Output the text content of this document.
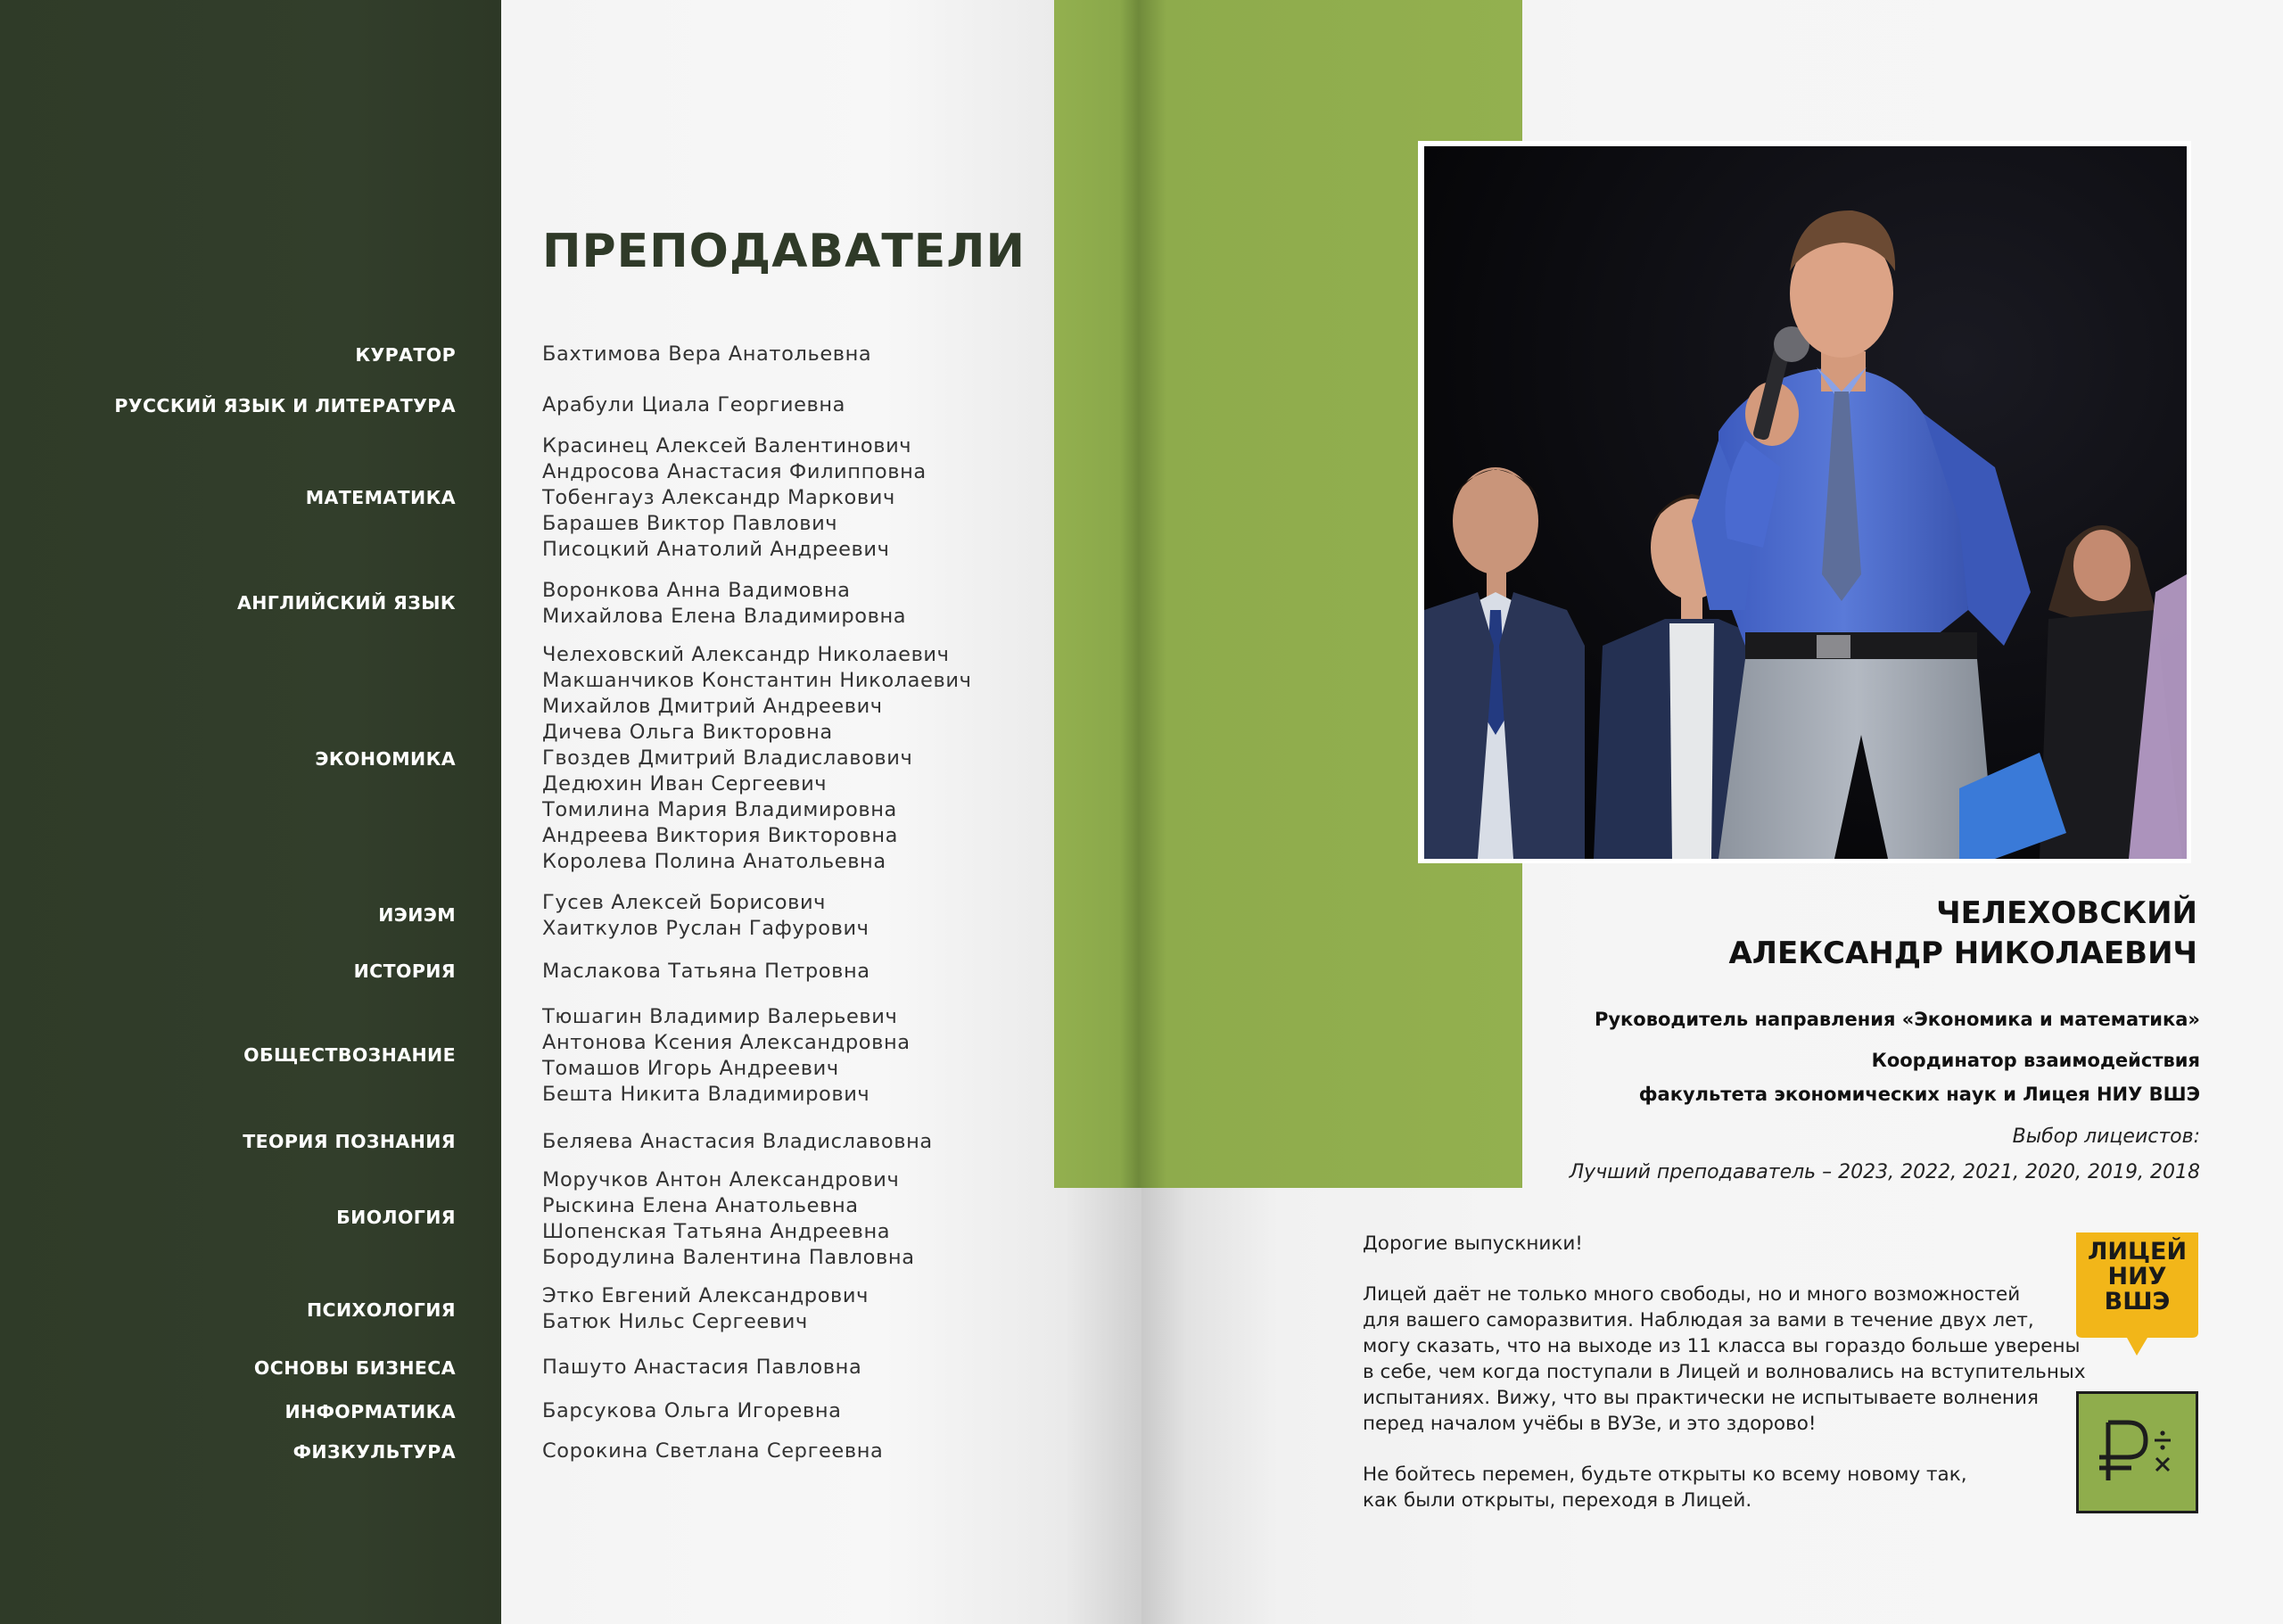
ПРЕПОДАВАТЕЛИ
КУРАТОР	Бахтимова Вера Анатольевна
РУССКИЙ ЯЗЫК И ЛИТЕРАТУРА	Арабули Циала Георгиевна
МАТЕМАТИКА
Красинец Алексей Валентинович
Андросова Анастасия Филипповна
Тобенгауз Александр Маркович
Барашев Виктор Павлович
Писоцкий Анатолий Андреевич
АНГЛИЙСКИЙ ЯЗЫК
Воронкова Анна Вадимовна
Михайлова Елена Владимировна
ЭКОНОМИКА
Челеховский Александр Николаевич
Макшанчиков Константин Николаевич
Михайлов Дмитрий Андреевич
Дичева Ольга Викторовна
Гвоздев Дмитрий Владиславович
Дедюхин Иван Сергеевич
Томилина Мария Владимировна
Андреева Виктория Викторовна
Королева Полина Анатольевна
ИЭИЭМ
Гусев Алексей Борисович
Хаиткулов Руслан Гафурович
ИСТОРИЯ	Маслакова Татьяна Петровна
ОБЩЕСТВОЗНАНИЕ
Тюшагин Владимир Валерьевич
Антонова Ксения Александровна
Томашов Игорь Андреевич
Бешта Никита Владимирович
ТЕОРИЯ ПОЗНАНИЯ	Беляева Анастасия Владиславовна
БИОЛОГИЯ
Моручков Антон Александрович
Рыскина Елена Анатольевна
Шопенская Татьяна Андреевна
Бородулина Валентина Павловна
ПСИХОЛОГИЯ
Этко Евгений Александрович
Батюк Нильс Сергеевич
ОСНОВЫ БИЗНЕСА	Пашуто Анастасия Павловна
ИНФОРМАТИКА	Барсукова Ольга Игоревна
ФИЗКУЛЬТУРА	Сорокина Светлана Сергеевна
ЧЕЛЕХОВСКИЙ
АЛЕКСАНДР НИКОЛАЕВИЧ
Руководитель направления «Экономика и математика»
Координатор взаимодействия
факультета экономических наук и Лицея НИУ ВШЭ
Выбор лицеистов:
Лучший преподаватель – 2023, 2022, 2021, 2020, 2019, 2018
Дорогие выпускники!
Лицей даёт не только много свободы, но и много возможностей
для вашего саморазвития. Наблюдая за вами в течение двух лет,
могу сказать, что на выходе из 11 класса вы гораздо больше уверены
в себе, чем когда поступали в Лицей и волновались на вступительных
испытаниях. Вижу, что вы практически не испытываете волнения
перед началом учёбы в ВУЗе, и это здорово!
Не бойтесь перемен, будьте открыты ко всему новому так,
как были открыты, переходя в Лицей.
ЛИЦЕЙ
НИУ
ВШЭ
